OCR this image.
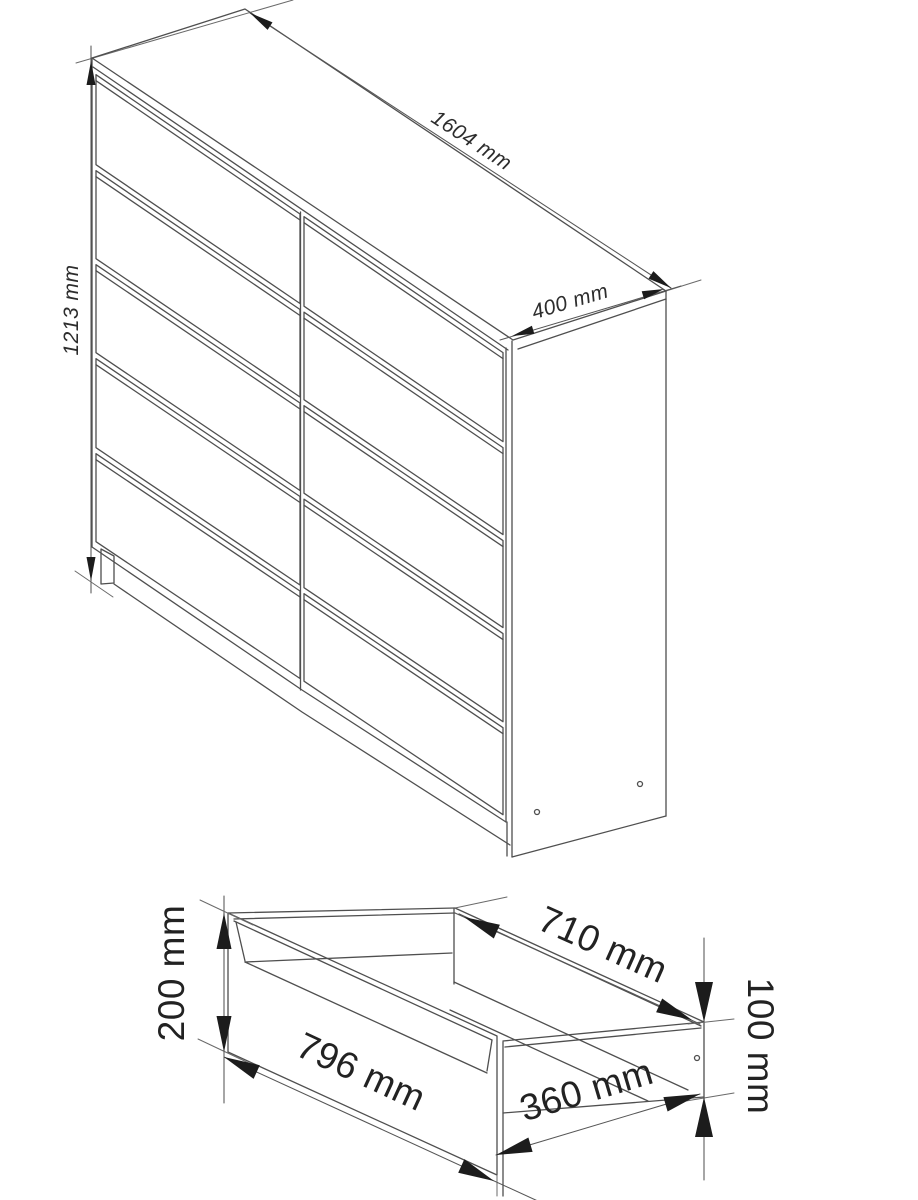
1604 mm
400 mm
1213 mm
200 mm
796 mm
710 mm
100 mm
360 mm
